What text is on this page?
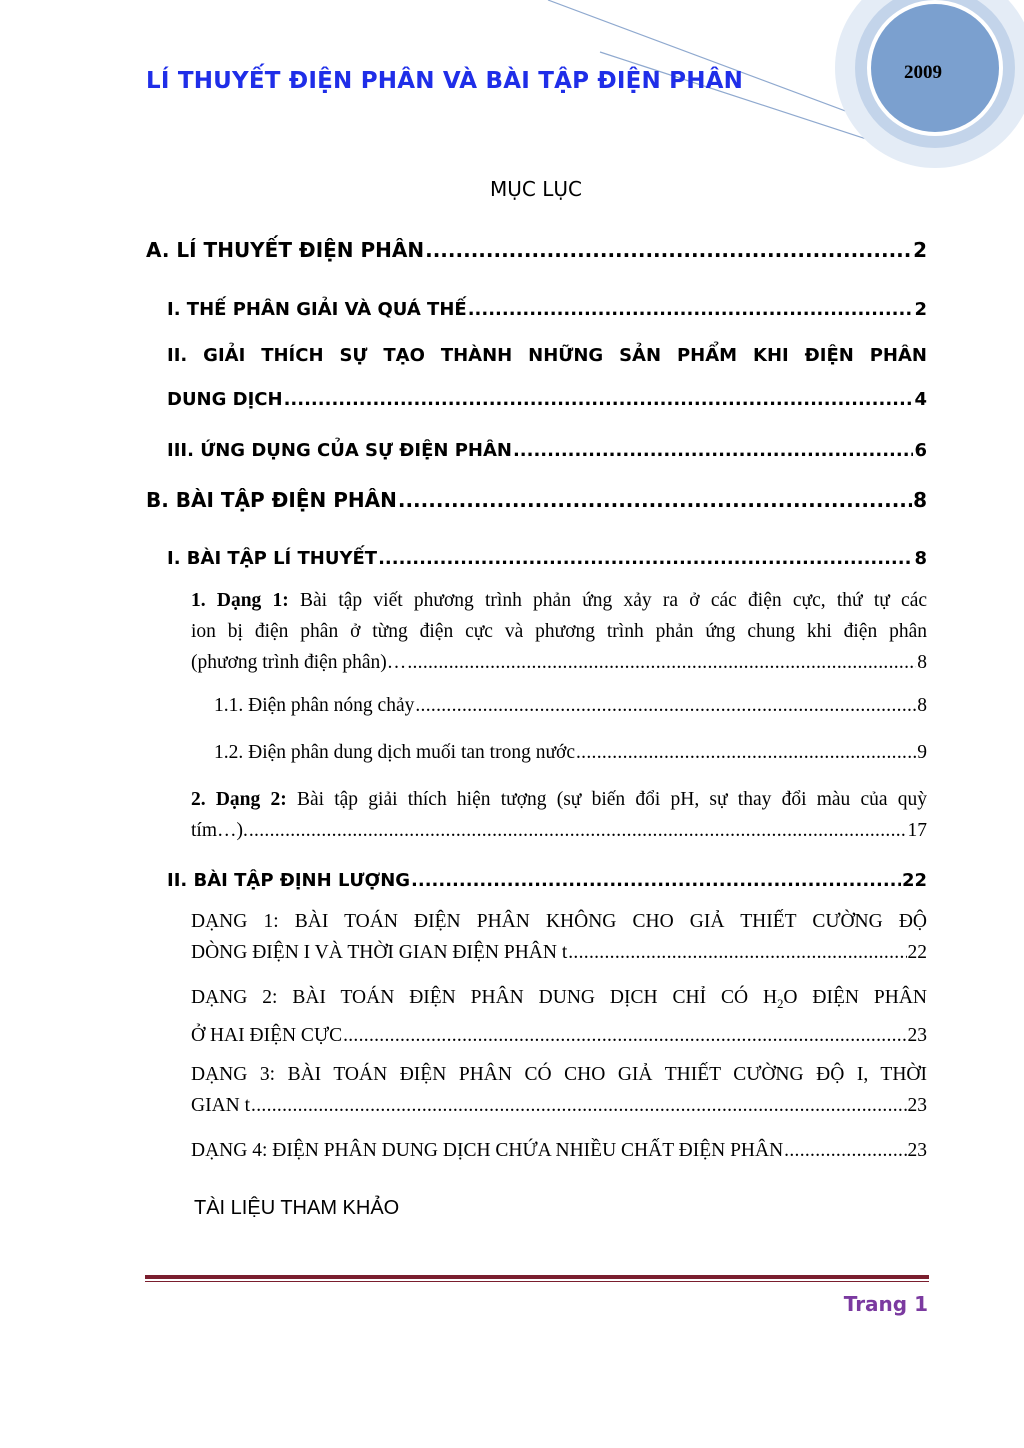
LÍ THUYẾT ĐIỆN PHÂN VÀ BÀI TẬP ĐIỆN PHÂN	2009
MỤC LỤC
A. LÍ THUYẾT ĐIỆN PHÂN .....	2
I. THẾ PHÂN GIẢI VÀ QUÁ THẾ .....	2
II. GIẢI THÍCH SỰ TẠO THÀNH NHỮNG SẢN PHẨM KHI ĐIỆN PHÂN
DUNG DỊCH .....	4
III. ỨNG DỤNG CỦA SỰ ĐIỆN PHÂN .....	6
B. BÀI TẬP ĐIỆN PHÂN .....	8
I. BÀI TẬP LÍ THUYẾT .....	8
1. Dạng 1: Bài tập viết phương trình phản ứng xảy ra ở các điện cực, thứ tự các
ion bị điện phân ở từng điện cực và phương trình phản ứng chung khi điện phân
(phương trình điện phân)… .....	8
1.1. Điện phân nóng chảy .....	8
1.2. Điện phân dung dịch muối tan trong nước .....	9
2. Dạng 2: Bài tập giải thích hiện tượng (sự biến đổi pH, sự thay đổi màu của quỳ
tím…). .....	17
II. BÀI TẬP ĐỊNH LƯỢNG .....	22
DẠNG 1: BÀI TOÁN ĐIỆN PHÂN KHÔNG CHO GIẢ THIẾT CƯỜNG ĐỘ
DÒNG ĐIỆN I VÀ THỜI GIAN ĐIỆN PHÂN t .....	22
DẠNG 2: BÀI TOÁN ĐIỆN PHÂN DUNG DỊCH CHỈ CÓ $H_2O$ ĐIỆN PHÂN
Ở HAI ĐIỆN CỰC .....	23
DẠNG 3: BÀI TOÁN ĐIỆN PHÂN CÓ CHO GIẢ THIẾT CƯỜNG ĐỘ I, THỜI
GIAN t .....	23
DẠNG 4: ĐIỆN PHÂN DUNG DỊCH CHỨA NHIỀU CHẤT ĐIỆN PHÂN .....	23
TÀI LIỆU THAM KHẢO
Trang 1
